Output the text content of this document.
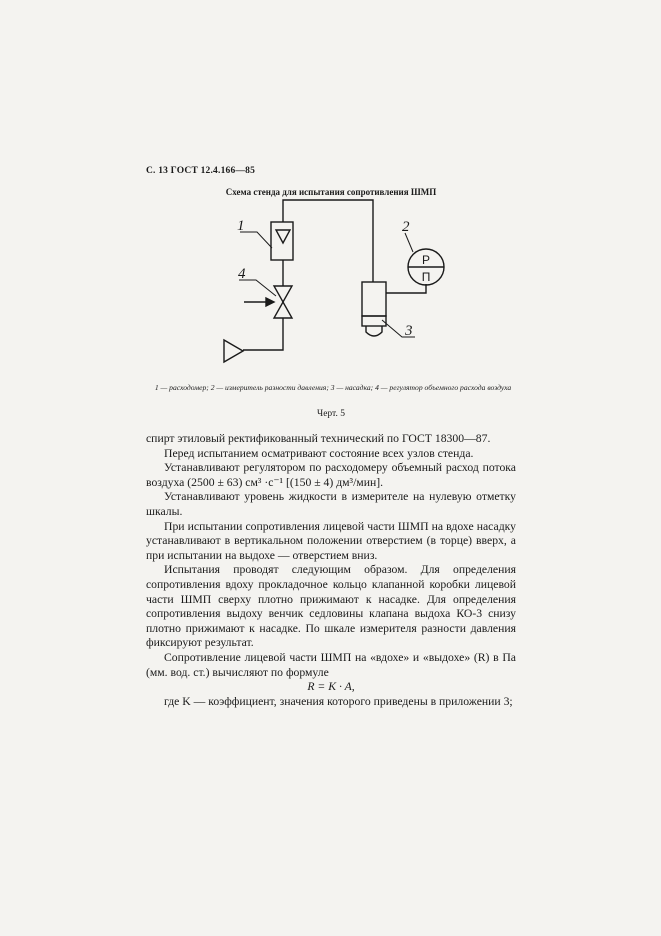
С. 13 ГОСТ 12.4.166—85
Схема стенда для испытания сопротивления ШМП
1
4
2
3
Р
П
1 — расходомер; 2 — измеритель разности давления; 3 — насадка; 4 — регулятор объемного расхода воздуха
Черт. 5

спирт этиловый ректификованный технический по ГОСТ 18300—87.

Перед испытанием осматривают состояние всех узлов стенда.

Устанавливают регулятором по расходомеру объемный расход потока воздуха (2500 ± 63) см³ ·с⁻¹ [(150 ± 4) дм³/мин].

Устанавливают уровень жидкости в измерителе на нулевую отметку шкалы.

При испытании сопротивления лицевой части ШМП на вдохе насадку устанавливают в вертикальном положении отверстием (в торце) вверх, а при испытании на выдохе — отверстием вниз.

Испытания проводят следующим образом. Для определения сопротивления вдоху прокладочное кольцо клапанной коробки лицевой части ШМП сверху плотно прижимают к насадке. Для определения сопротивления выдоху венчик седловины клапана выдоха КО-3 снизу плотно прижимают к насадке. По шкале измерителя разности давления фиксируют результат.

Сопротивление лицевой части ШМП на «вдохе» и «выдохе» (R) в Па (мм. вод. ст.) вычисляют по формуле

R = K · A,

где K — коэффициент, значения которого приведены в приложении 3;
